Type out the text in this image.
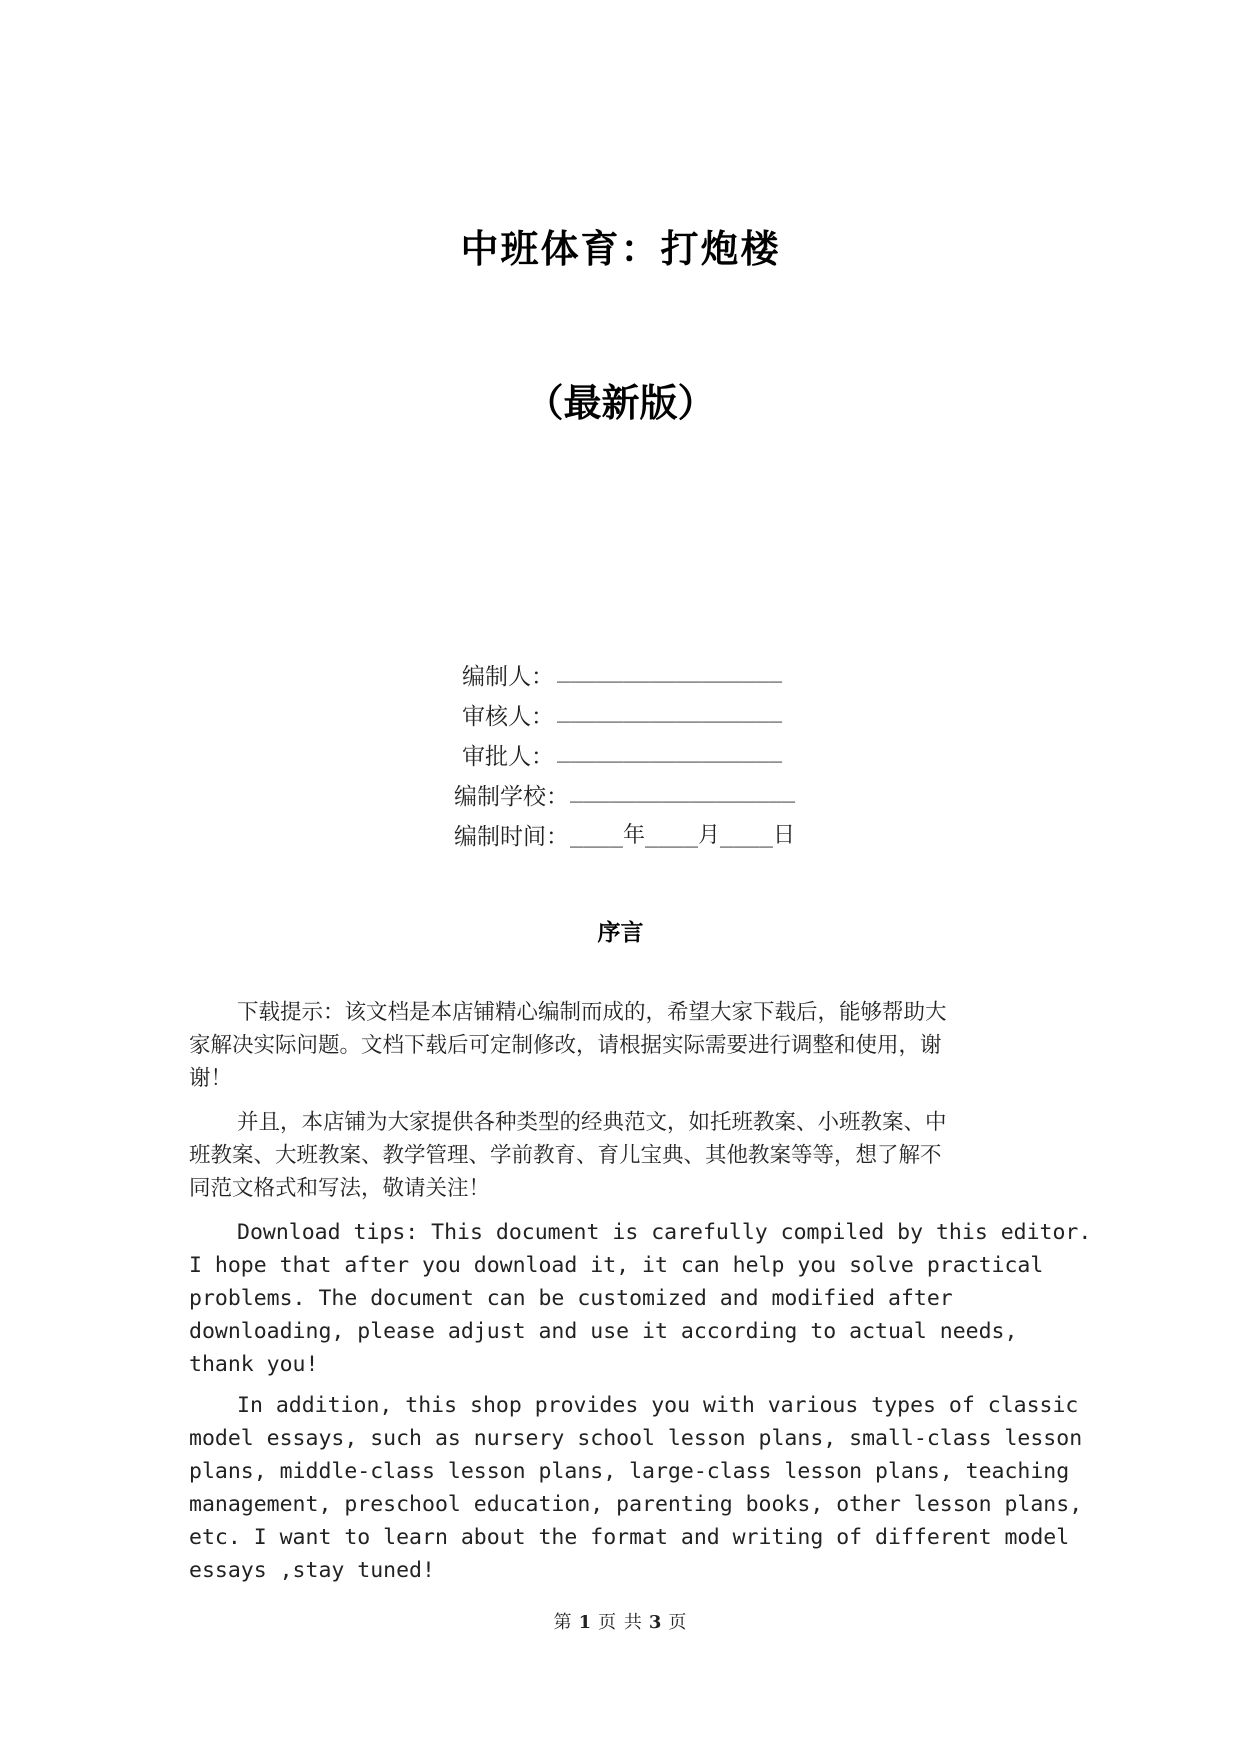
中班体育：打炮楼
（最新版）
编制人： _________________
审核人： _________________
审批人： _________________
编制学校： _________________
编制时间： ____年____月____日
序言
下载提示：该文档是本店铺精心编制而成的，希望大家下载后，能够帮助大
家解决实际问题。文档下载后可定制修改，请根据实际需要进行调整和使用，谢
谢！
并且，本店铺为大家提供各种类型的经典范文，如托班教案、小班教案、中
班教案、大班教案、教学管理、学前教育、育儿宝典、其他教案等等，想了解不
同范文格式和写法，敬请关注！
Download tips: This document is carefully compiled by this editor.
I hope that after you download it, it can help you solve practical
problems. The document can be customized and modified after
downloading, please adjust and use it according to actual needs,
thank you!
In addition, this shop provides you with various types of classic
model essays, such as nursery school lesson plans, small-class lesson
plans, middle-class lesson plans, large-class lesson plans, teaching
management, preschool education, parenting books, other lesson plans,
etc. I want to learn about the format and writing of different model
essays ,stay tuned!
第 1 页 共 3 页
